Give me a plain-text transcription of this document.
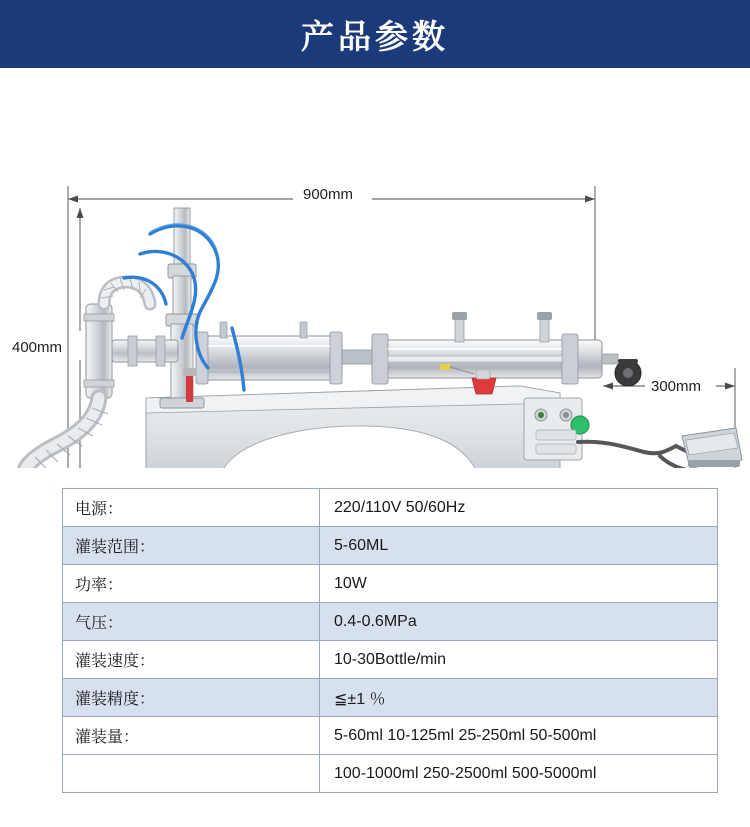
产品参数
900mm
400mm
300mm
电源：	220/110V 50/60Hz
灌装范围：	5-60ML
功率：	10W
气压：	0.4-0.6MPa
灌装速度：	10-30Bottle/min
灌装精度：	≦±1 ％
灌装量：	5-60ml 10-125ml 25-250ml 50-500ml
	100-1000ml 250-2500ml 500-5000ml
